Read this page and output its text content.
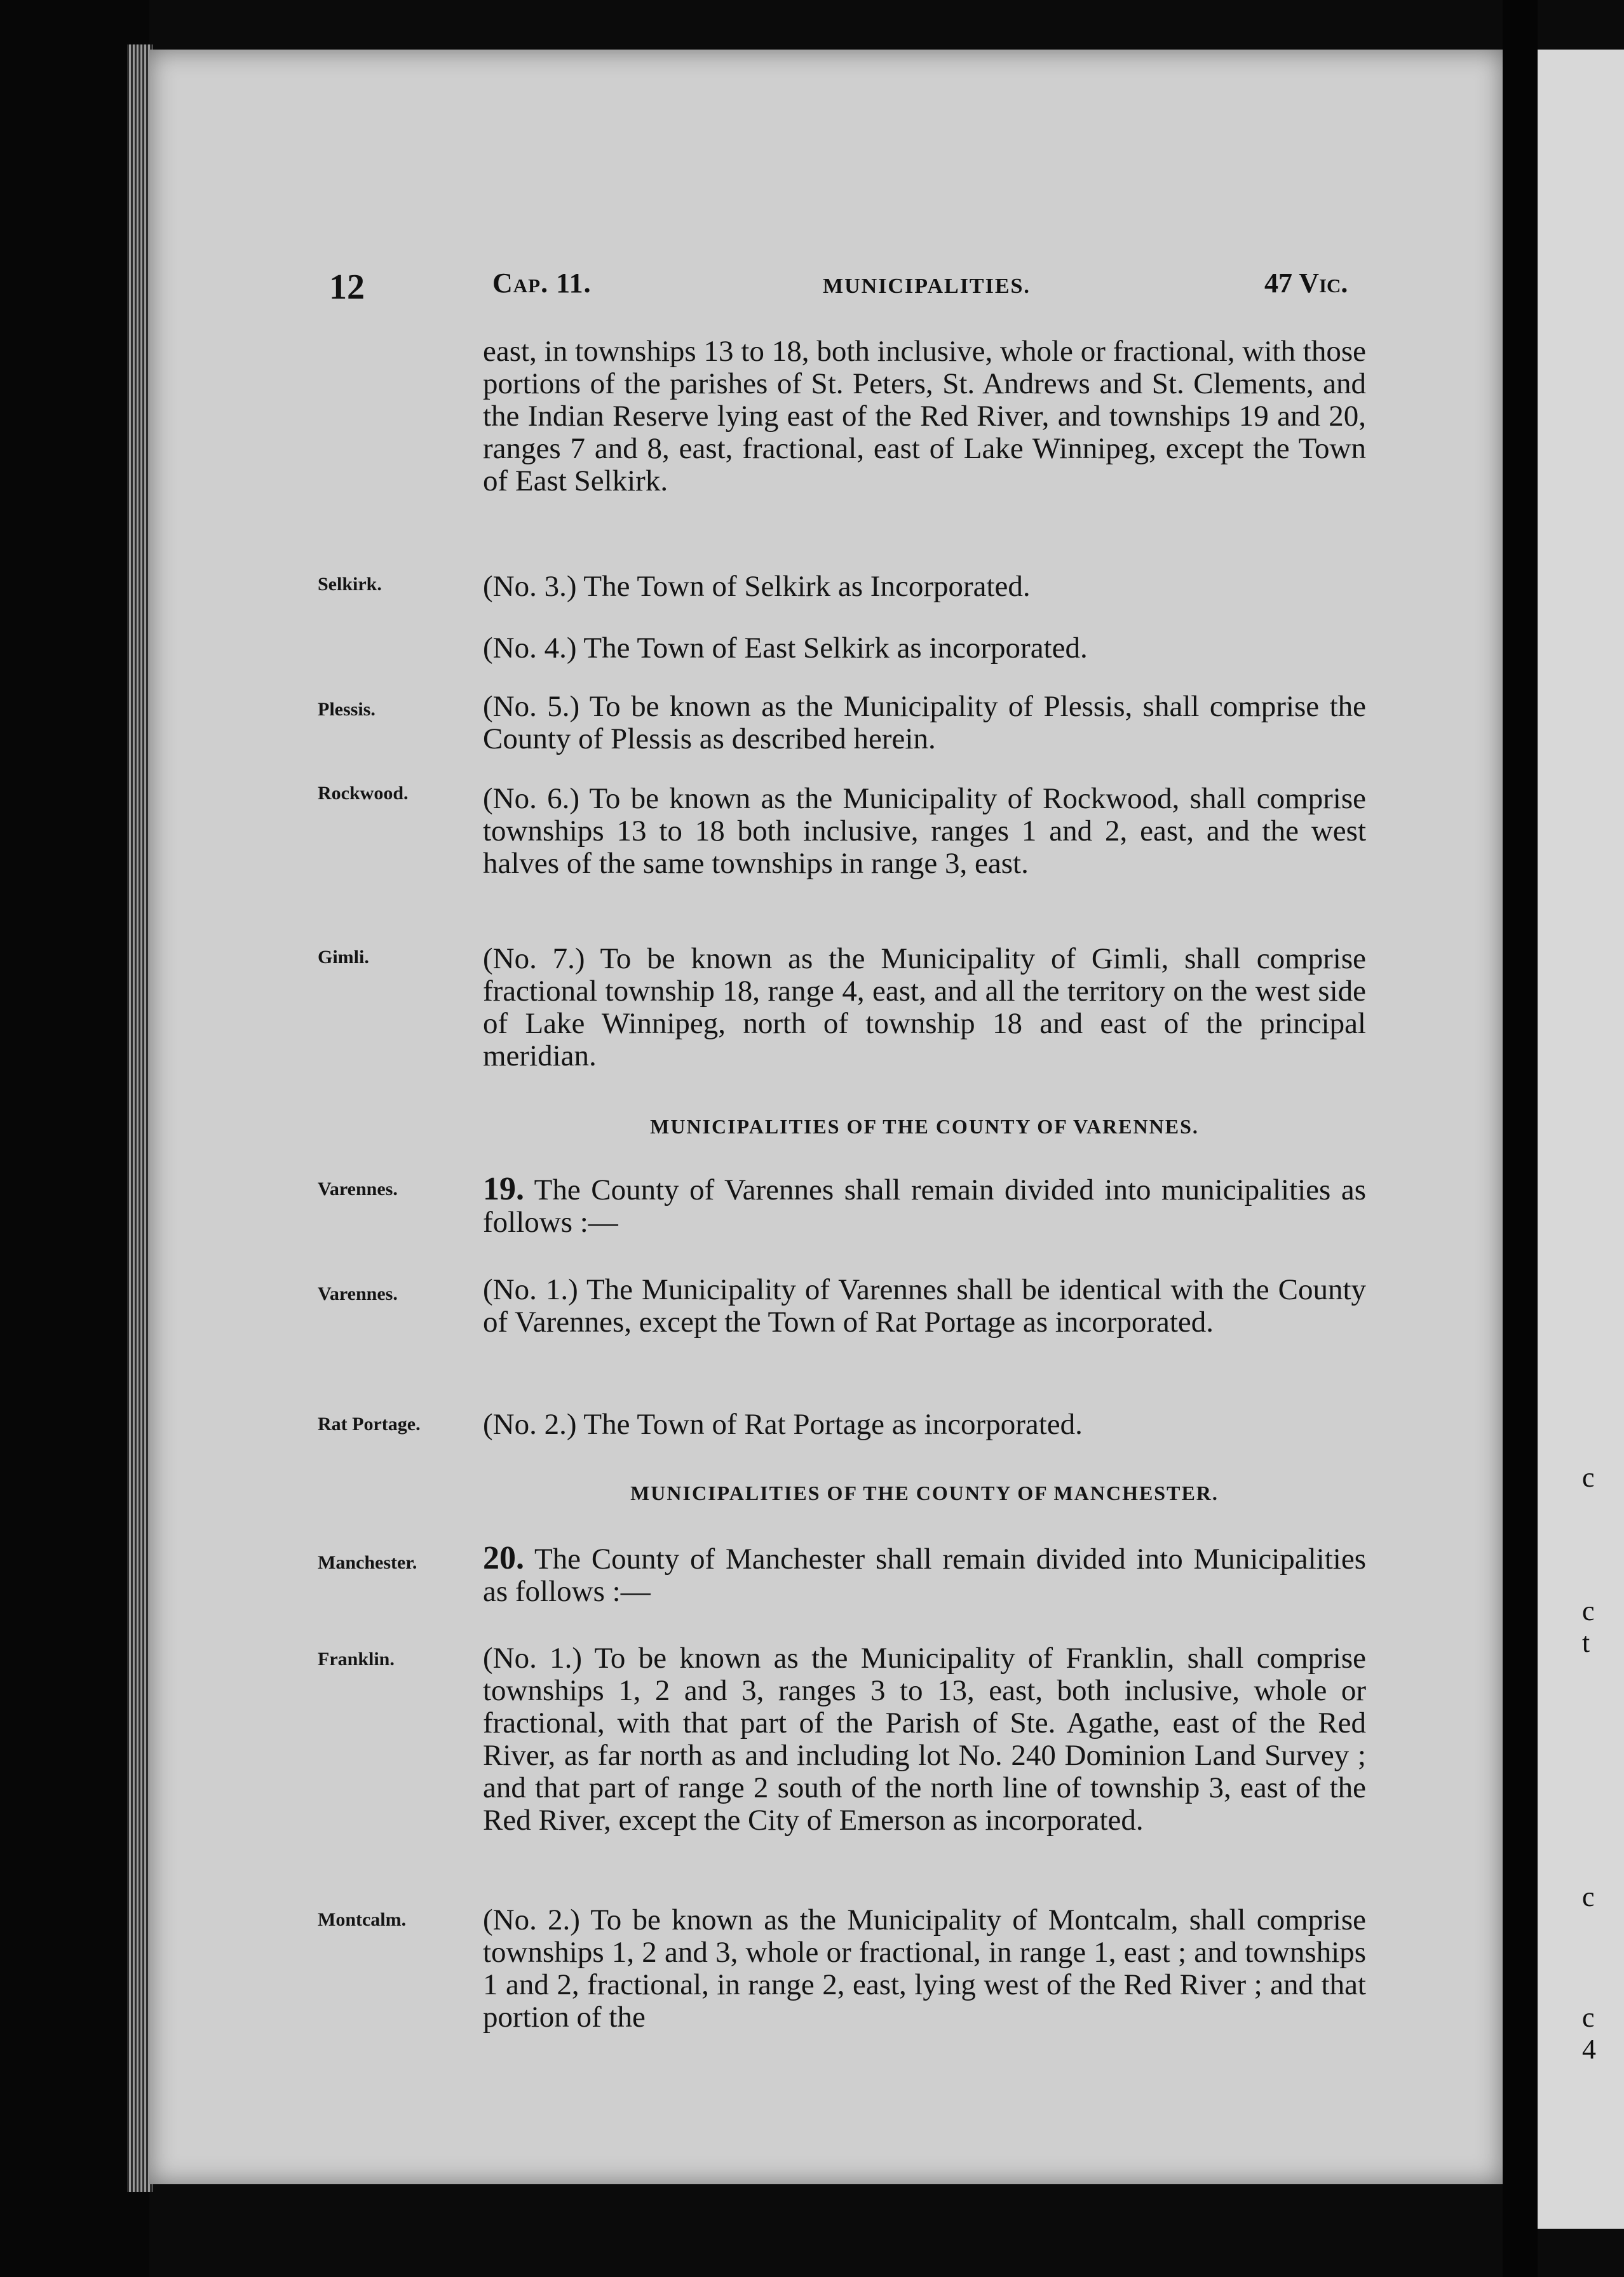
c
c
t
c
c
4
12	Cap. 11.	MUNICIPALITIES.	47 Vic.
east, in townships 13 to 18, both inclusive, whole or fractional, with those portions of the parishes of St. Peters, St. Andrews and St. Clements, and the Indian Reserve lying east of the Red River, and townships 19 and 20, ranges 7 and 8, east, fractional, east of Lake Winnipeg, except the Town of East Selkirk.
Selkirk.	(No. 3.) The Town of Selkirk as Incorporated.
(No. 4.) The Town of East Selkirk as incorporated.
Plessis.	(No. 5.) To be known as the Municipality of Plessis, shall comprise the County of Plessis as described herein.
Rockwood.	(No. 6.) To be known as the Municipality of Rockwood, shall comprise townships 13 to 18 both inclusive, ranges 1 and 2, east, and the west halves of the same townships in range 3, east.
Gimli.	(No. 7.) To be known as the Municipality of Gimli, shall comprise fractional township 18, range 4, east, and all the territory on the west side of Lake Winnipeg, north of township 18 and east of the principal meridian.
MUNICIPALITIES OF THE COUNTY OF VARENNES.
Varennes.	19. The County of Varennes shall remain divided into municipalities as follows :—
Varennes.	(No. 1.) The Municipality of Varennes shall be identical with the County of Varennes, except the Town of Rat Portage as incorporated.
Rat Portage.	(No. 2.) The Town of Rat Portage as incorporated.
MUNICIPALITIES OF THE COUNTY OF MANCHESTER.
Manchester.	20. The County of Manchester shall remain divided into Municipalities as follows :—
Franklin.	(No. 1.) To be known as the Municipality of Franklin, shall comprise townships 1, 2 and 3, ranges 3 to 13, east, both inclusive, whole or fractional, with that part of the Parish of Ste. Agathe, east of the Red River, as far north as and including lot No. 240 Dominion Land Survey ; and that part of range 2 south of the north line of township 3, east of the Red River, except the City of Emerson as incorporated.
Montcalm.	(No. 2.) To be known as the Municipality of Montcalm, shall comprise townships 1, 2 and 3, whole or fractional, in range 1, east ; and townships 1 and 2, fractional, in range 2, east, lying west of the Red River ; and that portion of the
